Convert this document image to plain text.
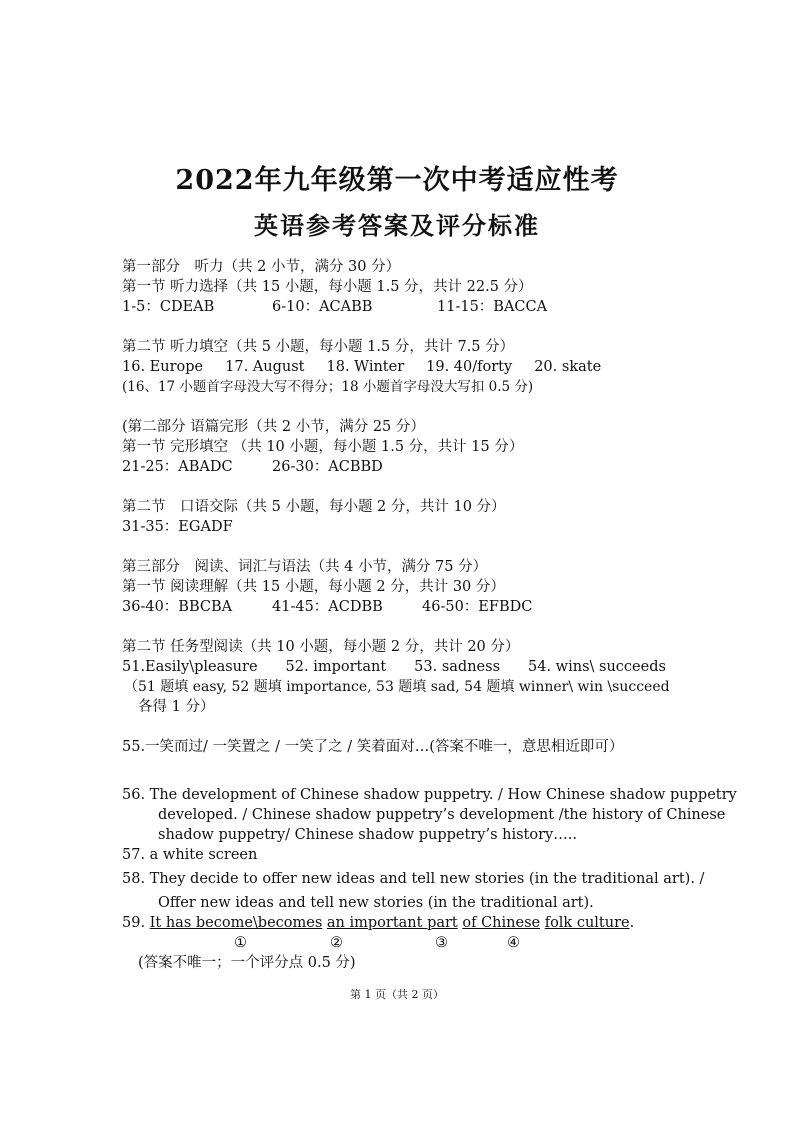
2022年九年级第一次中考适应性考
英语参考答案及评分标准
第一部分　听力（共 2 小节，满分 30 分）
第一节 听力选择（共 15 小题，每小题 1.5 分，共计 22.5 分）
1-5：CDEAB	6-10：ACABB	11-15：BACCA
第二节 听力填空（共 5 小题，每小题 1.5 分，共计 7.5 分）
16. Europe 17. August 18. Winter 19. 40/forty 20. skate
(16、17 小题首字母没大写不得分；18 小题首字母没大写扣 0.5 分)
(第二部分 语篇完形（共 2 小节，满分 25 分）
第一节 完形填空 （共 10 小题，每小题 1.5 分，共计 15 分）
21-25：ABADC	26-30：ACBBD
第二节　口语交际（共 5 小题，每小题 2 分，共计 10 分）
31-35：EGADF
第三部分　阅读、词汇与语法（共 4 小节，满分 75 分）
第一节 阅读理解（共 15 小题，每小题 2 分，共计 30 分）
36-40：BBCBA	41-45：ACDBB	46-50：EFBDC
第二节 任务型阅读（共 10 小题，每小题 2 分，共计 20 分）
51.Easily\pleasure 52. important 53. sadness 54. wins\ succeeds
（51 题填 easy, 52 题填 importance, 53 题填 sad, 54 题填 winner\ win \succeed
各得 1 分）
55.一笑而过/ 一笑置之 / 一笑了之 / 笑着面对…(答案不唯一，意思相近即可）
56. The development of Chinese shadow puppetry. / How Chinese shadow puppetry
developed. / Chinese shadow puppetry’s development /the history of Chinese
shadow puppetry/ Chinese shadow puppetry’s history…..
57. a white screen
58. They decide to offer new ideas and tell new stories (in the traditional art). /
Offer new ideas and tell new stories (in the traditional art).
59. It has become\becomes an important part of Chinese folk culture.
①	②	③	④
(答案不唯一；一个评分点 0.5 分)
第 1 页（共 2 页）
